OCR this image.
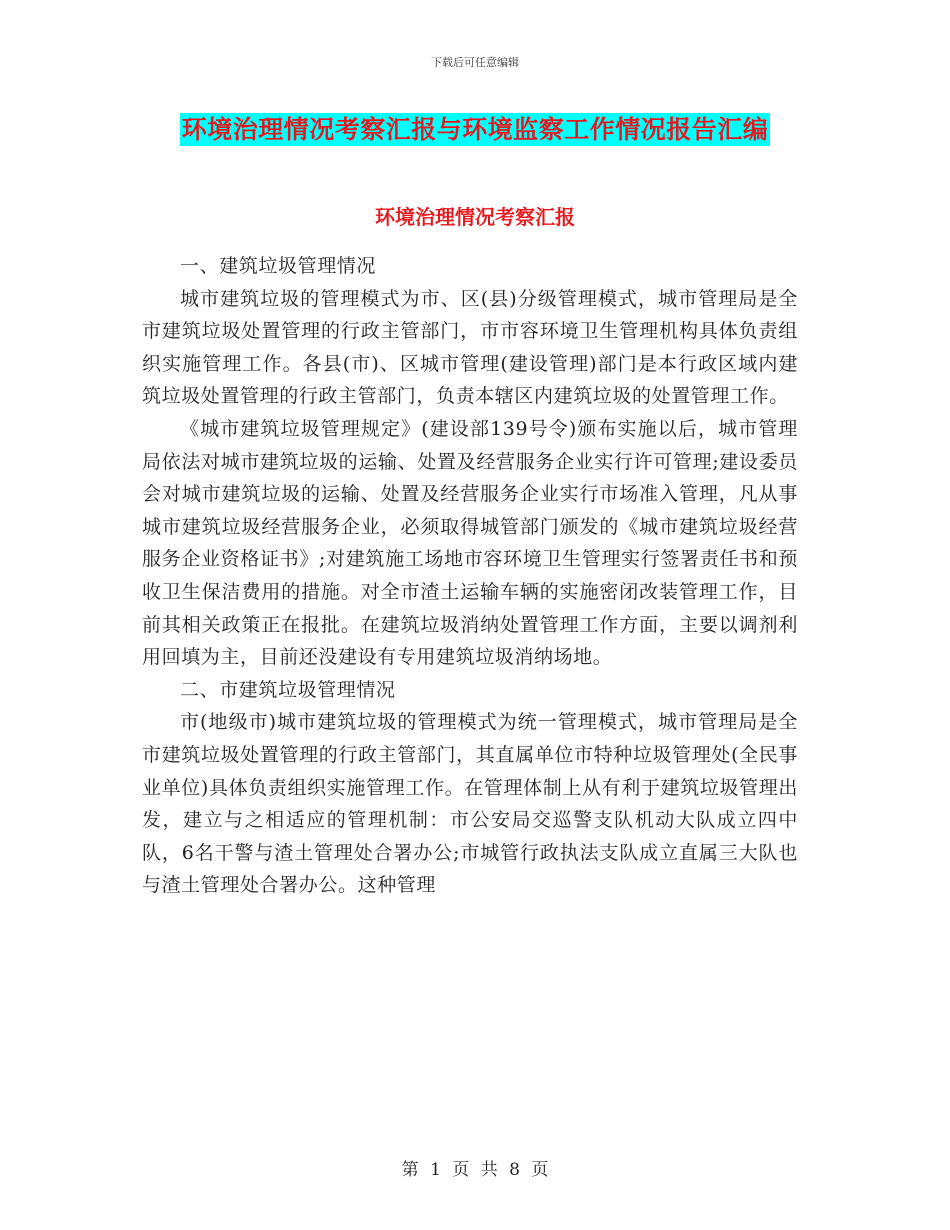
下载后可任意编辑
环境治理情况考察汇报与环境监察工作情况报告汇编
环境治理情况考察汇报

一、建筑垃圾管理情况

城市建筑垃圾的管理模式为市、区(县)分级管理模式，城市管理局是全市建筑垃圾处置管理的行政主管部门，市市容环境卫生管理机构具体负责组织实施管理工作。各县(市)、区城市管理(建设管理)部门是本行政区域内建筑垃圾处置管理的行政主管部门，负责本辖区内建筑垃圾的处置管理工作。

《城市建筑垃圾管理规定》(建设部139号令)颁布实施以后，城市管理局依法对城市建筑垃圾的运输、处置及经营服务企业实行许可管理;建设委员会对城市建筑垃圾的运输、处置及经营服务企业实行市场准入管理，凡从事城市建筑垃圾经营服务企业，必须取得城管部门颁发的《城市建筑垃圾经营服务企业资格证书》;对建筑施工场地市容环境卫生管理实行签署责任书和预收卫生保洁费用的措施。对全市渣土运输车辆的实施密闭改装管理工作，目前其相关政策正在报批。在建筑垃圾消纳处置管理工作方面，主要以调剂利用回填为主，目前还没建设有专用建筑垃圾消纳场地。

二、市建筑垃圾管理情况

市(地级市)城市建筑垃圾的管理模式为统一管理模式，城市管理局是全市建筑垃圾处置管理的行政主管部门，其直属单位市特种垃圾管理处(全民事业单位)具体负责组织实施管理工作。在管理体制上从有利于建筑垃圾管理出发，建立与之相适应的管理机制：市公安局交巡警支队机动大队成立四中队，6名干警与渣土管理处合署办公;市城管行政执法支队成立直属三大队也与渣土管理处合署办公。这种管理

第 1 页 共 8 页
